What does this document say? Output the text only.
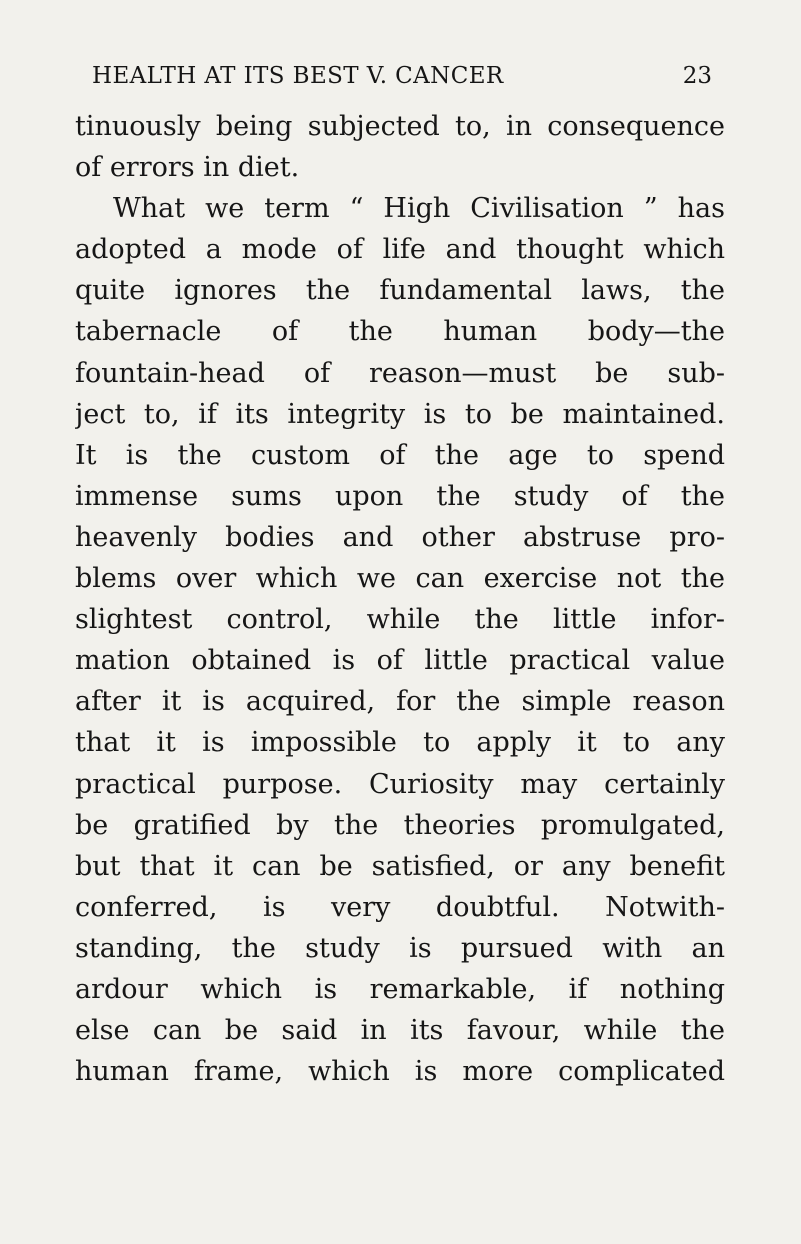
HEALTH AT ITS BEST V. CANCER	23
tinuously being subjected to, in consequence
of errors in diet.
What we term “ High Civilisation ” has
adopted a mode of life and thought which
quite ignores the fundamental laws, the
tabernacle of the human body—the
fountain-head of reason—must be sub-
ject to, if its integrity is to be maintained.
It is the custom of the age to spend
immense sums upon the study of the
heavenly bodies and other abstruse pro-
blems over which we can exercise not the
slightest control, while the little infor-
mation obtained is of little practical value
after it is acquired, for the simple reason
that it is impossible to apply it to any
practical purpose. Curiosity may certainly
be gratified by the theories promulgated,
but that it can be satisfied, or any benefit
conferred, is very doubtful. Notwith-
standing, the study is pursued with an
ardour which is remarkable, if nothing
else can be said in its favour, while the
human frame, which is more complicated
